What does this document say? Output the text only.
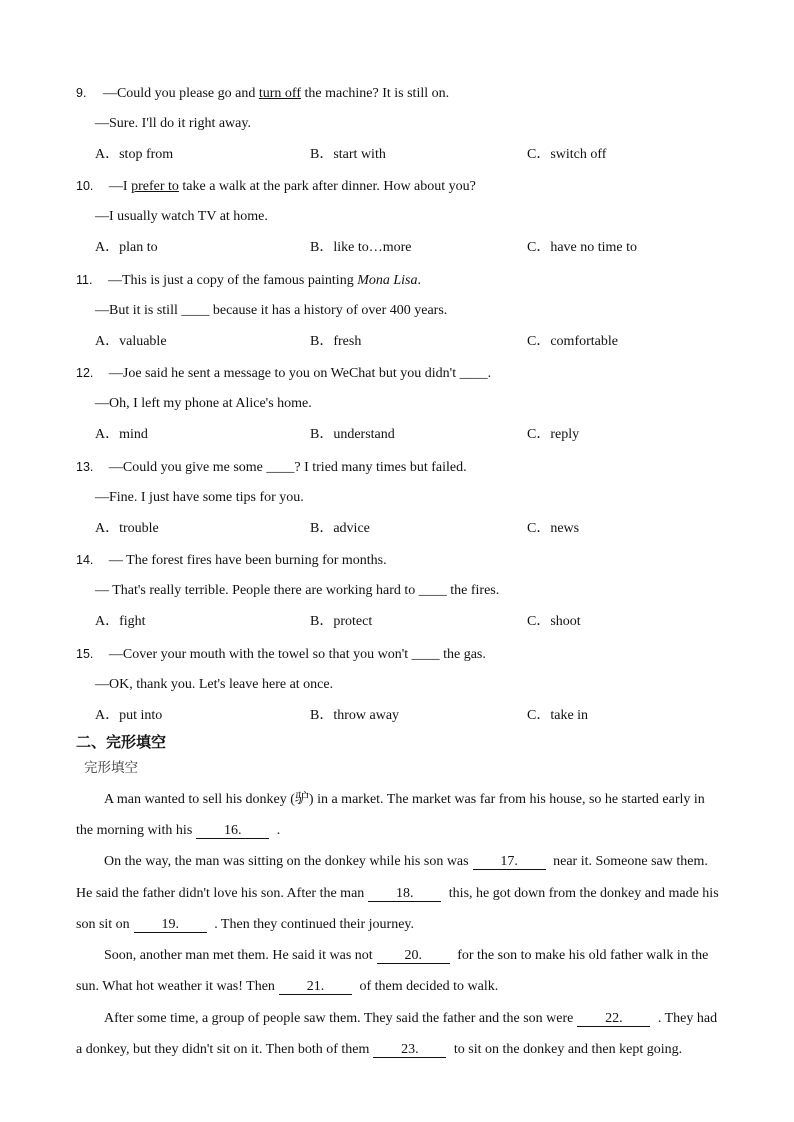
9. —Could you please go and turn off the machine? It is still on.
—Sure. I'll do it right away.
A．stop from	B．start with	C．switch off
10. —I prefer to take a walk at the park after dinner. How about you?
—I usually watch TV at home.
A．plan to	B．like to…more	C．have no time to
11. —This is just a copy of the famous painting Mona Lisa.
—But it is still ____ because it has a history of over 400 years.
A．valuable	B．fresh	C．comfortable
12. —Joe said he sent a message to you on WeChat but you didn't ____.
—Oh, I left my phone at Alice's home.
A．mind	B．understand	C．reply
13. —Could you give me some ____? I tried many times but failed.
—Fine. I just have some tips for you.
A．trouble	B．advice	C．news
14. — The forest fires have been burning for months.
— That's really terrible. People there are working hard to ____ the fires.
A．fight	B．protect	C．shoot
15. —Cover your mouth with the towel so that you won't ____ the gas.
—OK, thank you. Let's leave here at once.
A．put into	B．throw away	C．take in
二、完形填空
完形填空
A man wanted to sell his donkey (驴) in a market. The market was far from his house, so he started early in
the morning with his 16.	.
On the way, the man was sitting on the donkey while his son was 17.	near it. Someone saw them.
He said the father didn't love his son. After the man 18.	this, he got down from the donkey and made his
son sit on 19.	. Then they continued their journey.
Soon, another man met them. He said it was not 20.	for the son to make his old father walk in the
sun. What hot weather it was! Then 21.	of them decided to walk.
After some time, a group of people saw them. They said the father and the son were 22.	. They had
a donkey, but they didn't sit on it. Then both of them 23.	to sit on the donkey and then kept going.
